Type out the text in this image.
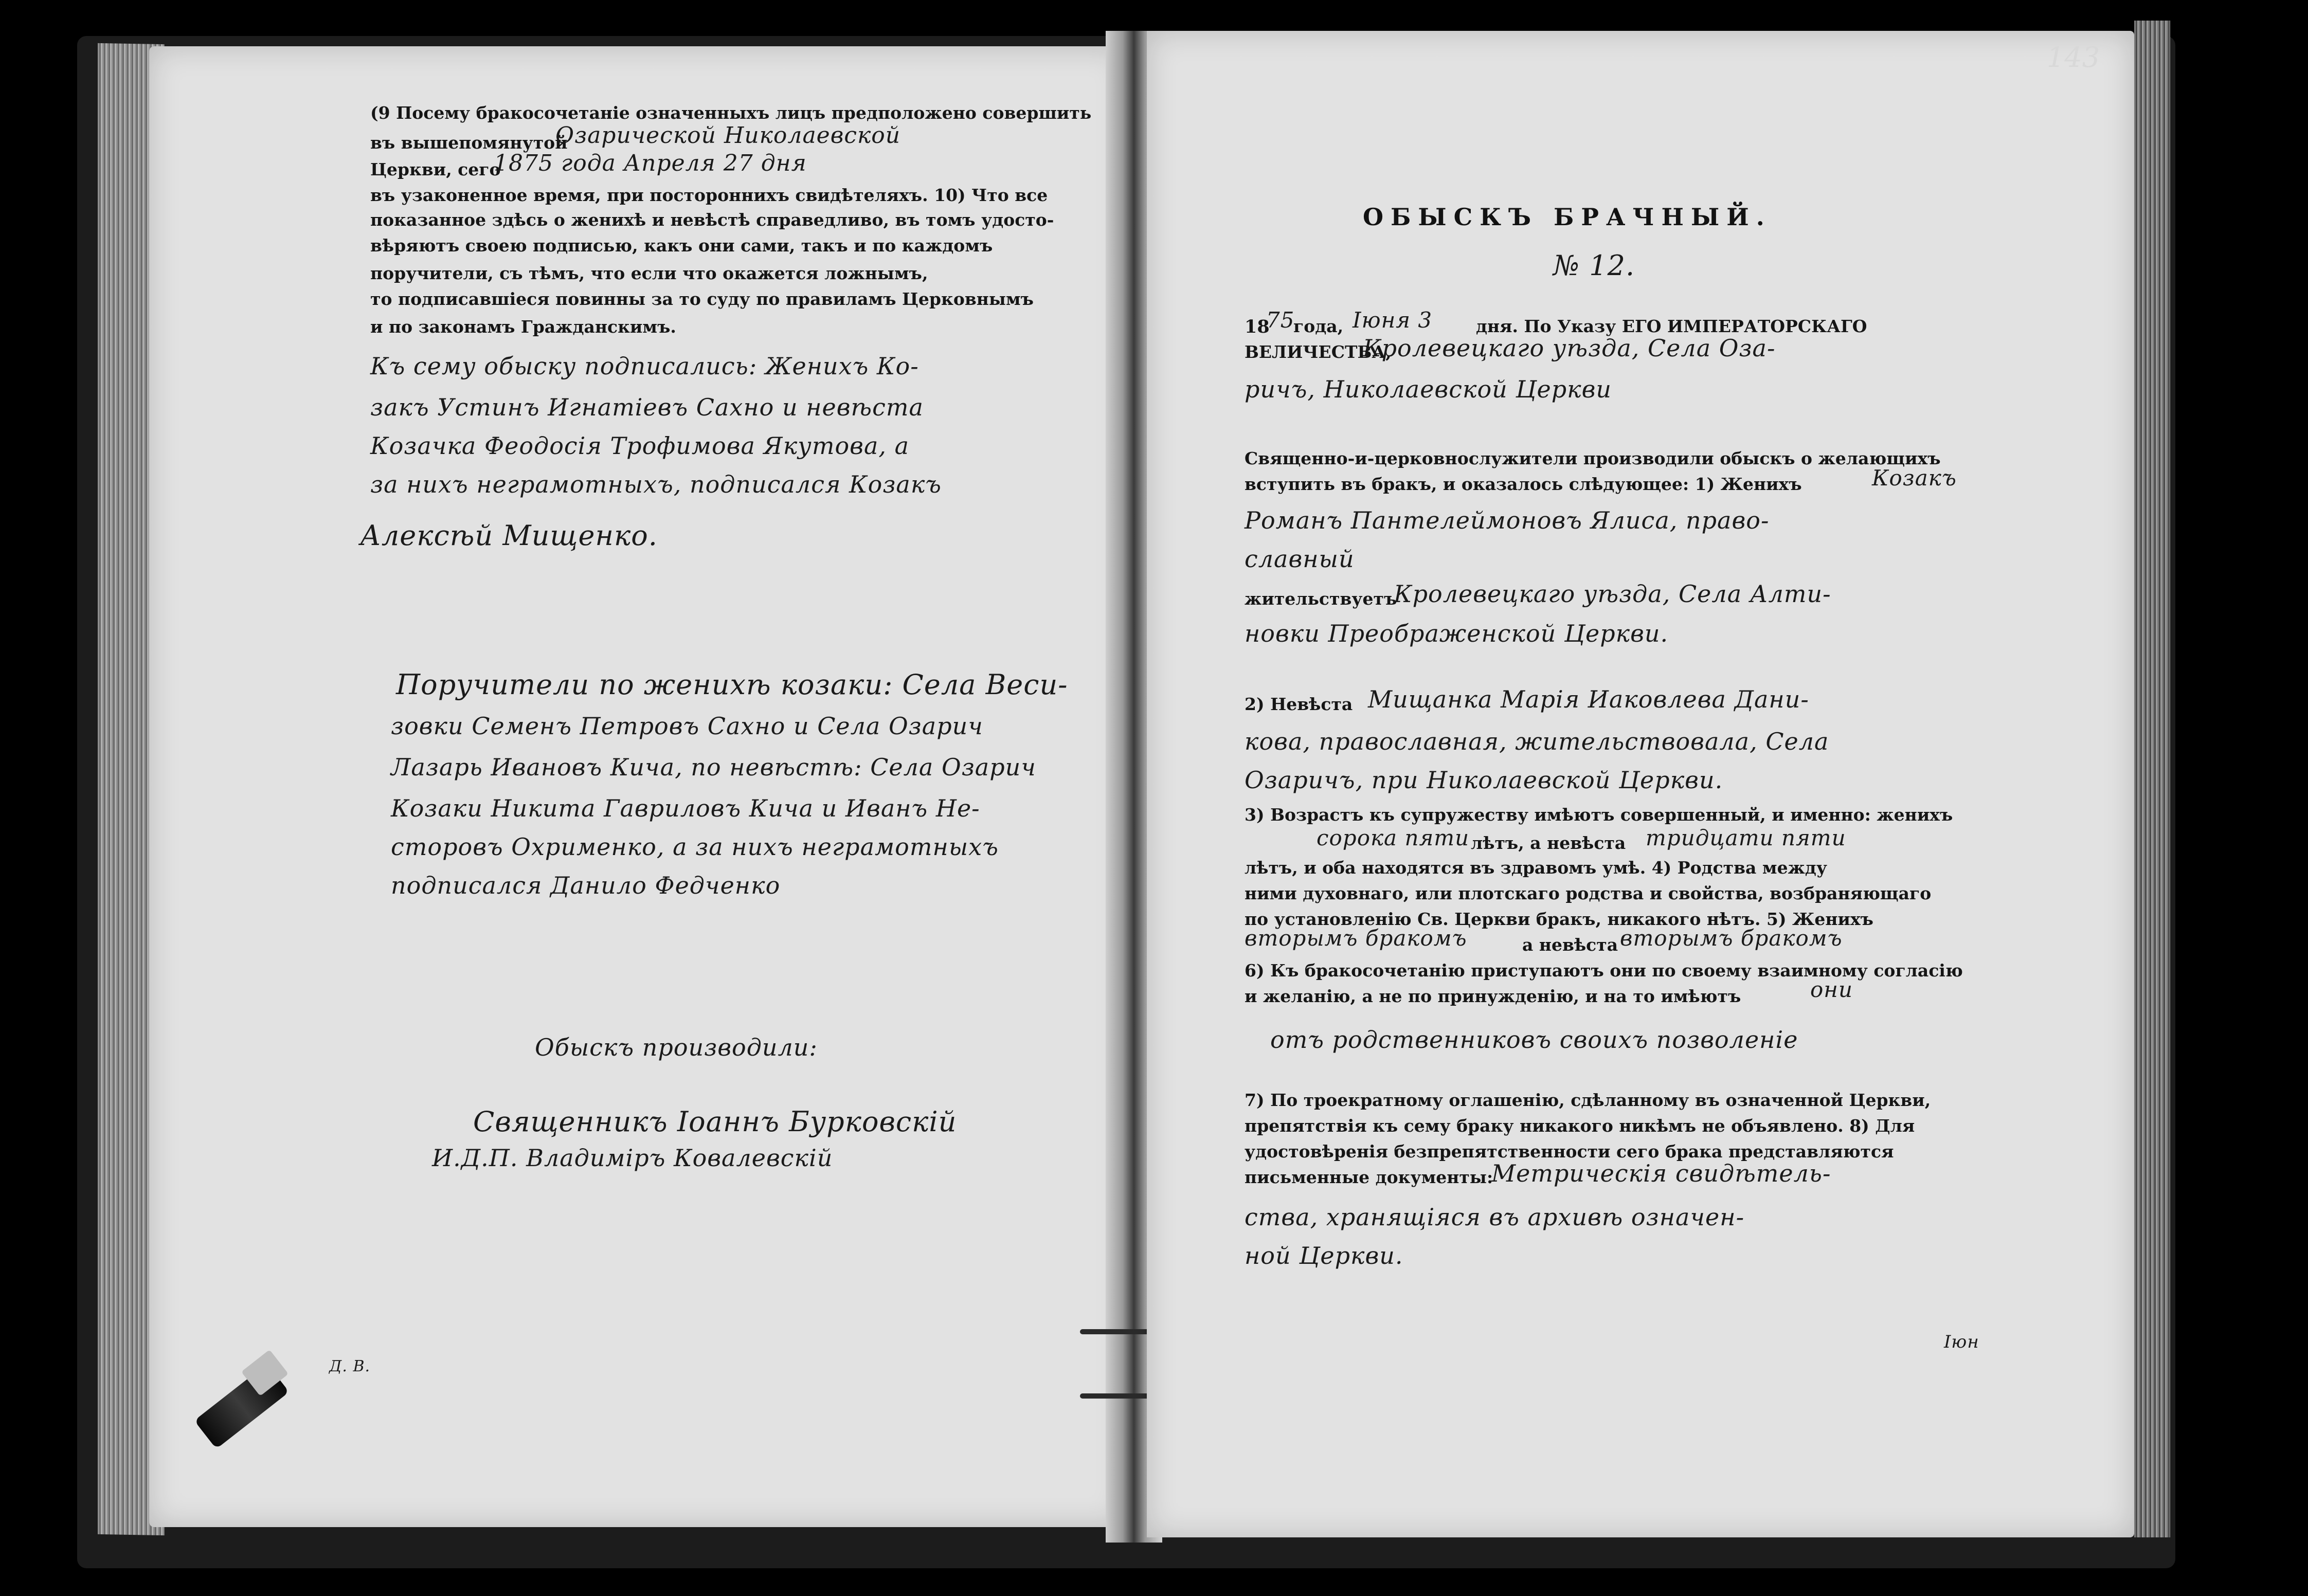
(9 Посему бракосочетаніе означенныхъ лицъ предположено совершить
въ вышепомянутой
Озарической Николаевской
Церкви, сего
1875 года Апреля 27 дня
въ узаконенное время, при постороннихъ свидѣтеляхъ. 10) Что все
показанное здѣсь о женихѣ и невѣстѣ справедливо, въ томъ удосто-
вѣряютъ своею подписью, какъ они сами, такъ и по каждомъ
поручители, съ тѣмъ, что если что окажется ложнымъ,
то подписавшіеся повинны за то суду по правиламъ Церковнымъ
и по законамъ Гражданскимъ.
Къ сему обыску подписались: Женихъ Ко-
закъ Устинъ Игнатіевъ Сахно и невѣста
Козачка Феодосія Трофимова Якутова, а
за нихъ неграмотныхъ, подписался Козакъ
Алексѣй Мищенко.
Поручители по женихѣ козаки: Села Веси-
зовки Семенъ Петровъ Сахно и Села Озарич
Лазарь Ивановъ Кича, по невѣстѣ: Села Озарич
Козаки Никита Гавриловъ Кича и Иванъ Не-
сторовъ Охрименко, а за нихъ неграмотныхъ
подписался Данило Федченко
Обыскъ производили:
Священникъ Іоаннъ Бурковскій
И.Д.П. Владиміръ Ковалевскій
Д. В.
143
ОБЫСКЪ БРАЧНЫЙ.
№ 12.
18
75
года, Іюня 3	дня. По Указу ЕГО ИМПЕРАТОРСКАГО
ВЕЛИЧЕСТВА,
Кролевецкаго уѣзда, Села Оза-
ричъ, Николаевской Церкви
Священно-и-церковнослужители производили обыскъ о желающихъ
вступить въ бракъ, и оказалось слѣдующее: 1) Женихъ	Козакъ
Романъ Пантелеймоновъ Ялиса, право-
славный
жительствуетъ
Кролевецкаго уѣзда, Села Алти-
новки Преображенской Церкви.
2) Невѣста Мищанка Марія Иаковлева Дани-
кова, православная, жительствовала, Села
Озаричъ, при Николаевской Церкви.
3) Возрастъ къ супружеству имѣютъ совершенный, и именно: женихъ
сорока пяти лѣтъ, а невѣста тридцати пяти
лѣтъ, и оба находятся въ здравомъ умѣ. 4) Родства между
ними духовнаго, или плотскаго родства и свойства, возбраняющаго
по установленію Св. Церкви бракъ, никакого нѣтъ. 5) Женихъ
вторымъ бракомъ	а невѣста вторымъ бракомъ
6) Къ бракосочетанію приступаютъ они по своему взаимному согласію
и желанію, а не по принужденію, и на то имѣютъ	они
отъ родственниковъ своихъ позволеніе
7) По троекратному оглашенію, сдѣланному въ означенной Церкви,
препятствія къ сему браку никакого никѣмъ не объявлено. 8) Для
удостовѣренія безпрепятственности сего брака представляются
письменные документы:
Метрическія свидѣтель-
ства, хранящіяся въ архивѣ означен-
ной Церкви.
Іюн
